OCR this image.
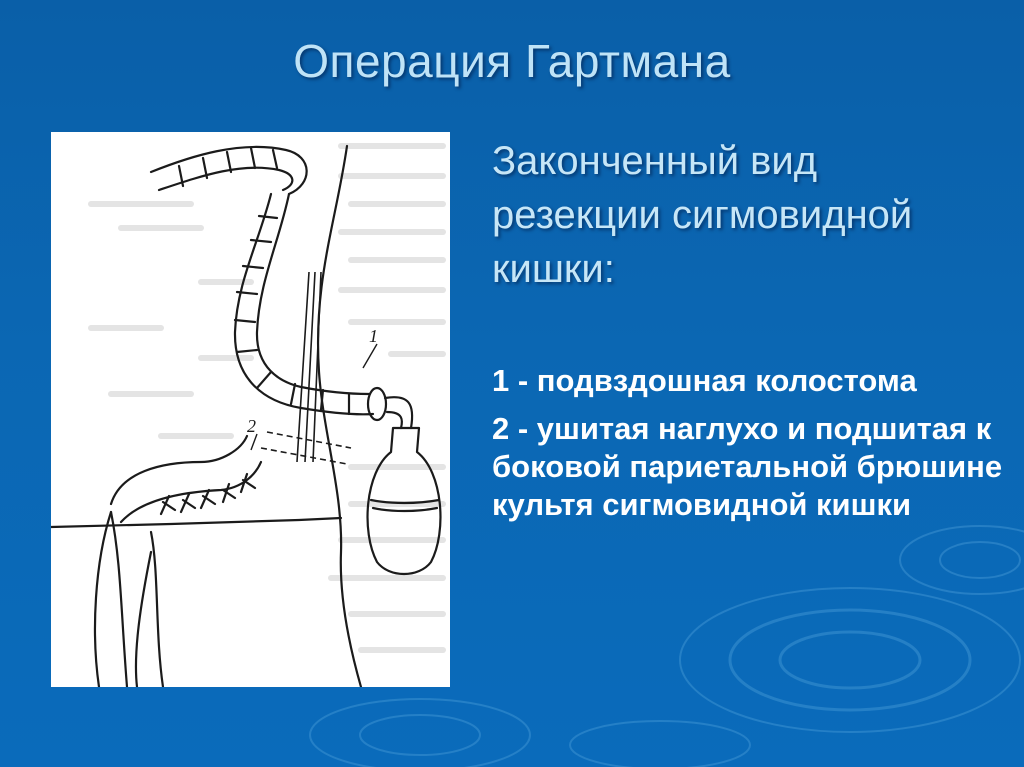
Операция Гартмана
1
2
Законченный вид резекции сигмовидной кишки:
1 - подвздошная колостома
2 - ушитая наглухо и подшитая к боковой париетальной брюшине культя сигмовидной кишки
